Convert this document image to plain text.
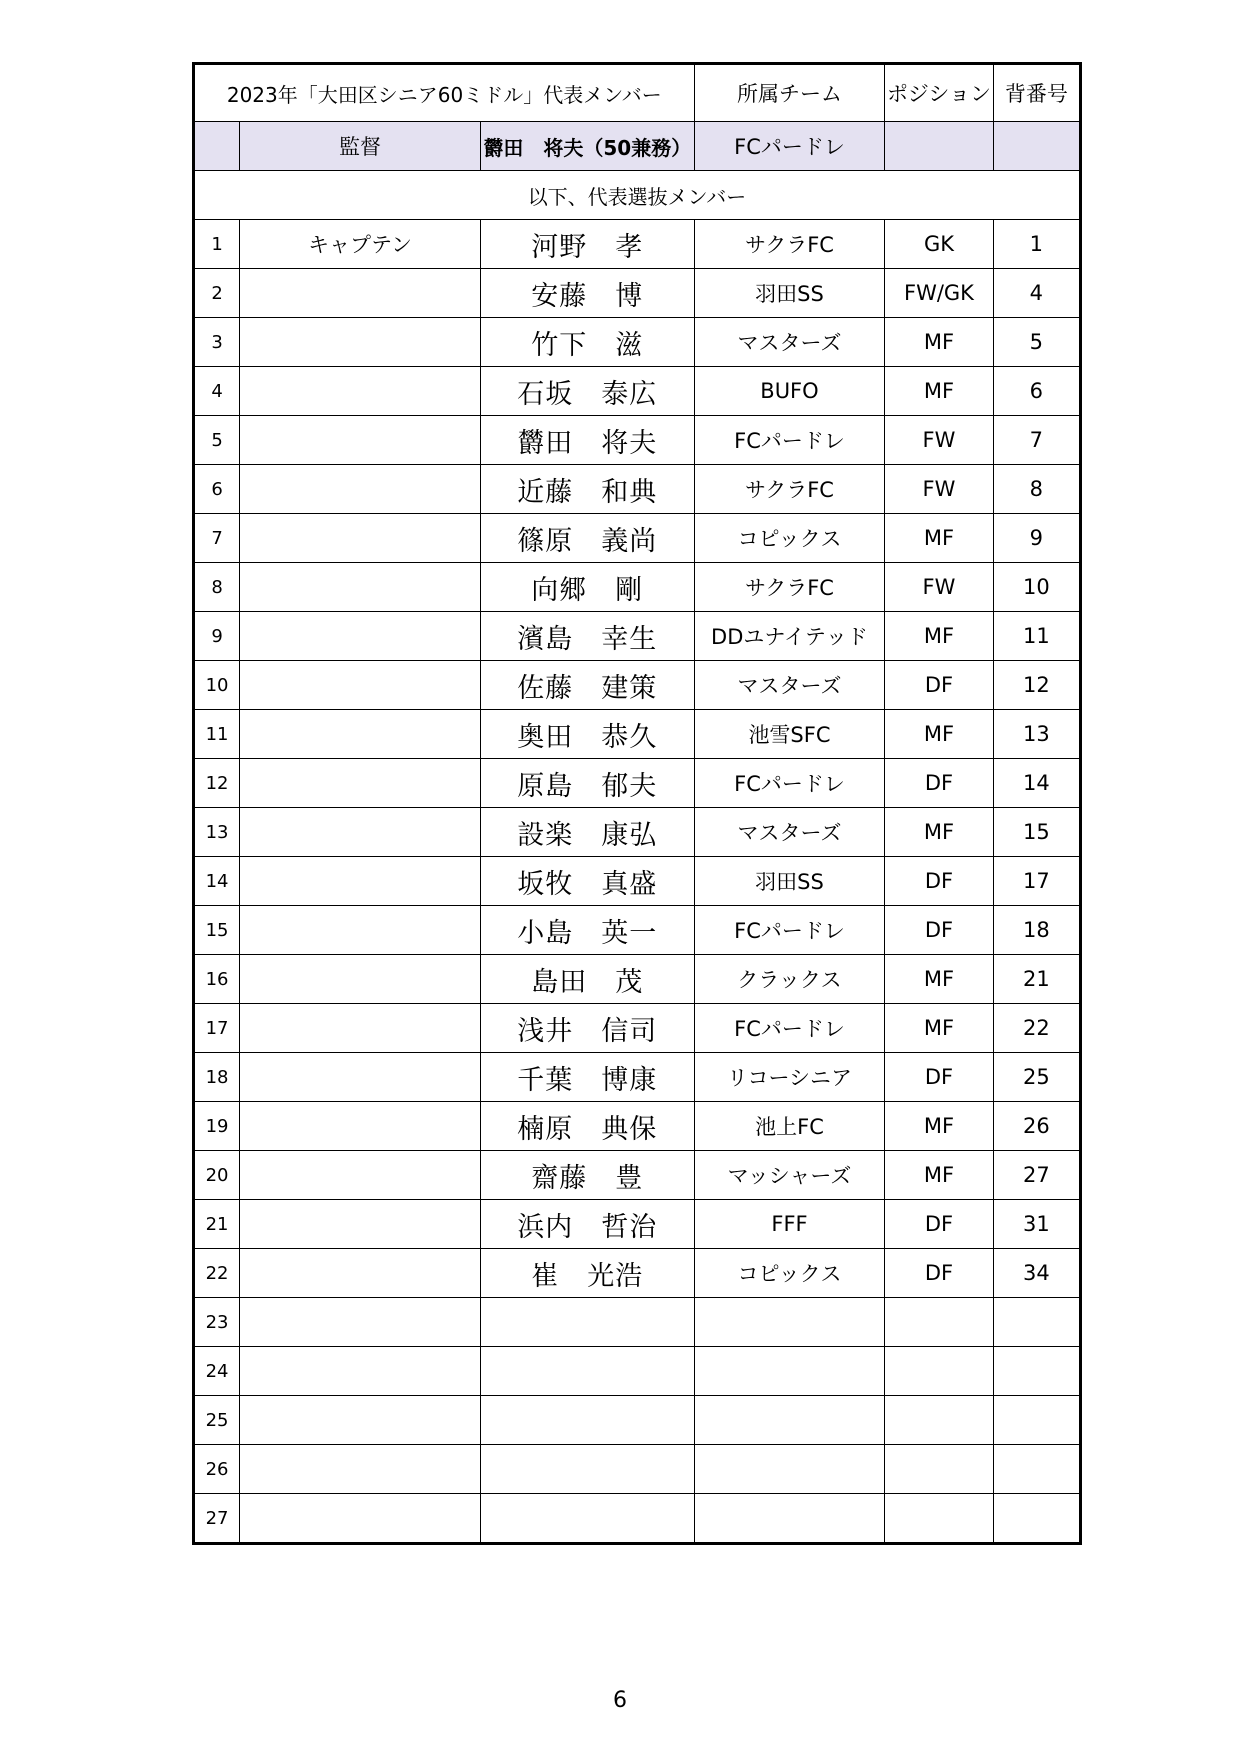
2023年「大田区シニア60ミドル」代表メンバー			所属チーム	ポジション	背番号
	監督	欝田　将夫（50兼務）	FCパードレ		
以下、代表選抜メンバー					
1	キャプテン	河野　孝	サクラFC	GK	1
2		安藤　博	羽田SS	FW/GK	4
3		竹下　滋	マスターズ	MF	5
4		石坂　泰広	BUFO	MF	6
5		欝田　将夫	FCパードレ	FW	7
6		近藤　和典	サクラFC	FW	8
7		篠原　義尚	コピックス	MF	9
8		向郷　剛	サクラFC	FW	10
9		濱島　幸生	DDユナイテッド	MF	11
10		佐藤　建策	マスターズ	DF	12
11		奥田　恭久	池雪SFC	MF	13
12		原島　郁夫	FCパードレ	DF	14
13		設楽　康弘	マスターズ	MF	15
14		坂牧　真盛	羽田SS	DF	17
15		小島　英一	FCパードレ	DF	18
16		島田　茂	クラックス	MF	21
17		浅井　信司	FCパードレ	MF	22
18		千葉　博康	リコーシニア	DF	25
19		楠原　典保	池上FC	MF	26
20		齋藤　豊	マッシャーズ	MF	27
21		浜内　哲治	FFF	DF	31
22		崔　光浩	コピックス	DF	34
23					
24					
25					
26					
27					
6
